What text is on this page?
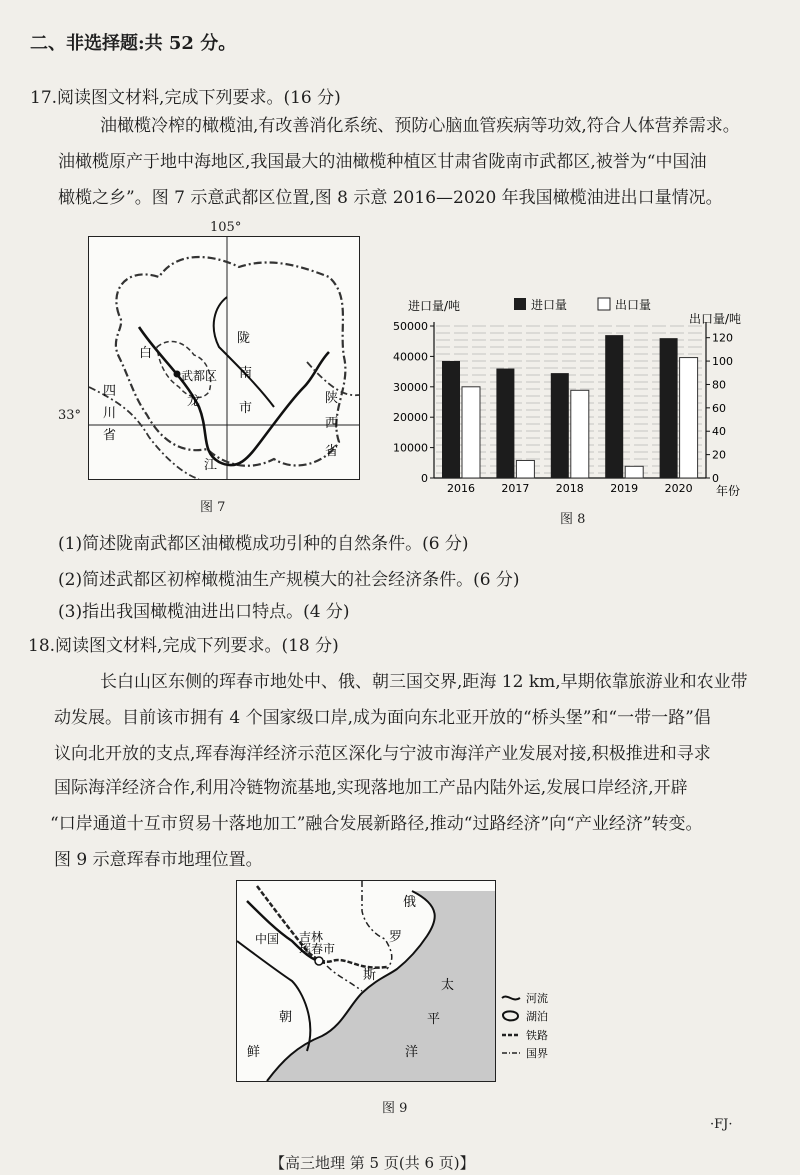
二、非选择题:共 52 分。
17.阅读图文材料,完成下列要求。(16 分)
油橄榄冷榨的橄榄油,有改善消化系统、预防心脑血管疾病等功效,符合人体营养需求。
油橄榄原产于地中海地区,我国最大的油橄榄种植区甘肃省陇南市武都区,被誉为“中国油
橄榄之乡”。图 7 示意武都区位置,图 8 示意 2016—2020 年我国橄榄油进出口量情况。
武都区
白
龙
江
陇
南
市
四
川
省
陕
西
省
105°
33°
图 7
进口量/吨
出口量/吨
进口量	出口量
0
10000
20000
30000
40000
50000
0
20
40
60
80
100
120
2016 2017 2018 2019 2020 年份
图 8
(1)简述陇南武都区油橄榄成功引种的自然条件。(6 分)
(2)简述武都区初榨橄榄油生产规模大的社会经济条件。(6 分)
(3)指出我国橄榄油进出口特点。(4 分)
18.阅读图文材料,完成下列要求。(18 分)
长白山区东侧的珲春市地处中、俄、朝三国交界,距海 12 km,早期依靠旅游业和农业带
动发展。目前该市拥有 4 个国家级口岸,成为面向东北亚开放的“桥头堡”和“一带一路”倡
议向北开放的支点,珲春海洋经济示范区深化与宁波市海洋产业发展对接,积极推进和寻求
国际海洋经济合作,利用冷链物流基地,实现落地加工产品内陆外运,发展口岸经济,开辟
“口岸通道十互市贸易十落地加工”融合发展新路径,推动“过路经济”向“产业经济”转变。
图 9 示意珲春市地理位置。
中国 吉林
珲春市
俄
罗
斯
太
平
洋
朝
鲜
河流
湖泊
铁路
国界
图 9
·FJ·
【高三地理 第 5 页(共 6 页)】
